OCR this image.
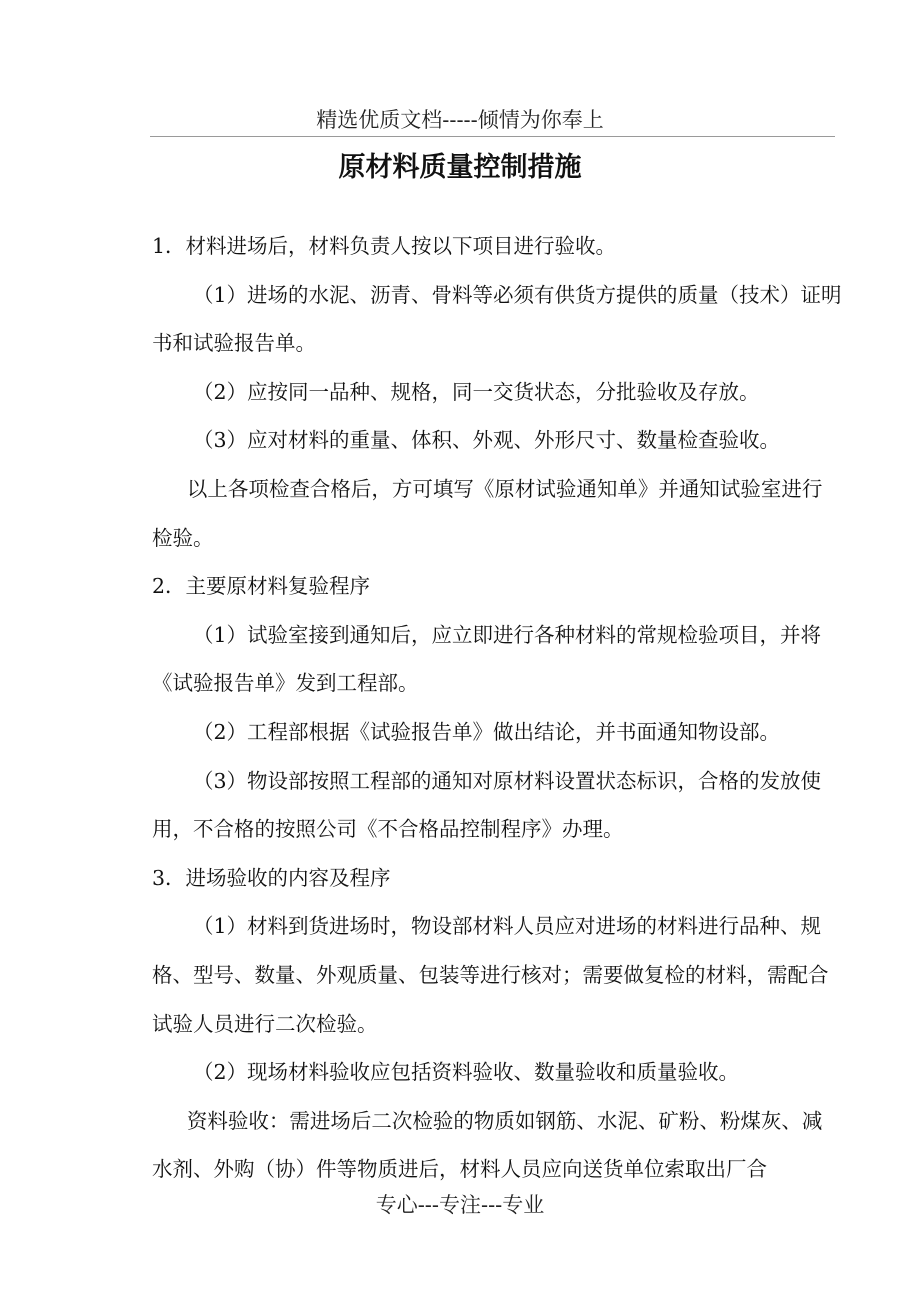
精选优质文档-----倾情为你奉上
原材料质量控制措施

1．材料进场后，材料负责人按以下项目进行验收。

（1）进场的水泥、沥青、骨料等必须有供货方提供的质量（技术）证明书和试验报告单。

（2）应按同一品种、规格，同一交货状态，分批验收及存放。

（3）应对材料的重量、体积、外观、外形尺寸、数量检查验收。

以上各项检查合格后，方可填写《原材试验通知单》并通知试验室进行检验。

2．主要原材料复验程序

（1）试验室接到通知后，应立即进行各种材料的常规检验项目，并将《试验报告单》发到工程部。

（2）工程部根据《试验报告单》做出结论，并书面通知物设部。

（3）物设部按照工程部的通知对原材料设置状态标识，合格的发放使用，不合格的按照公司《不合格品控制程序》办理。

3．进场验收的内容及程序

（1）材料到货进场时，物设部材料人员应对进场的材料进行品种、规格、型号、数量、外观质量、包装等进行核对；需要做复检的材料，需配合试验人员进行二次检验。

（2）现场材料验收应包括资料验收、数量验收和质量验收。

资料验收：需进场后二次检验的物质如钢筋、水泥、矿粉、粉煤灰、减水剂、外购（协）件等物质进后，材料人员应向送货单位索取出厂合

专心---专注---专业
